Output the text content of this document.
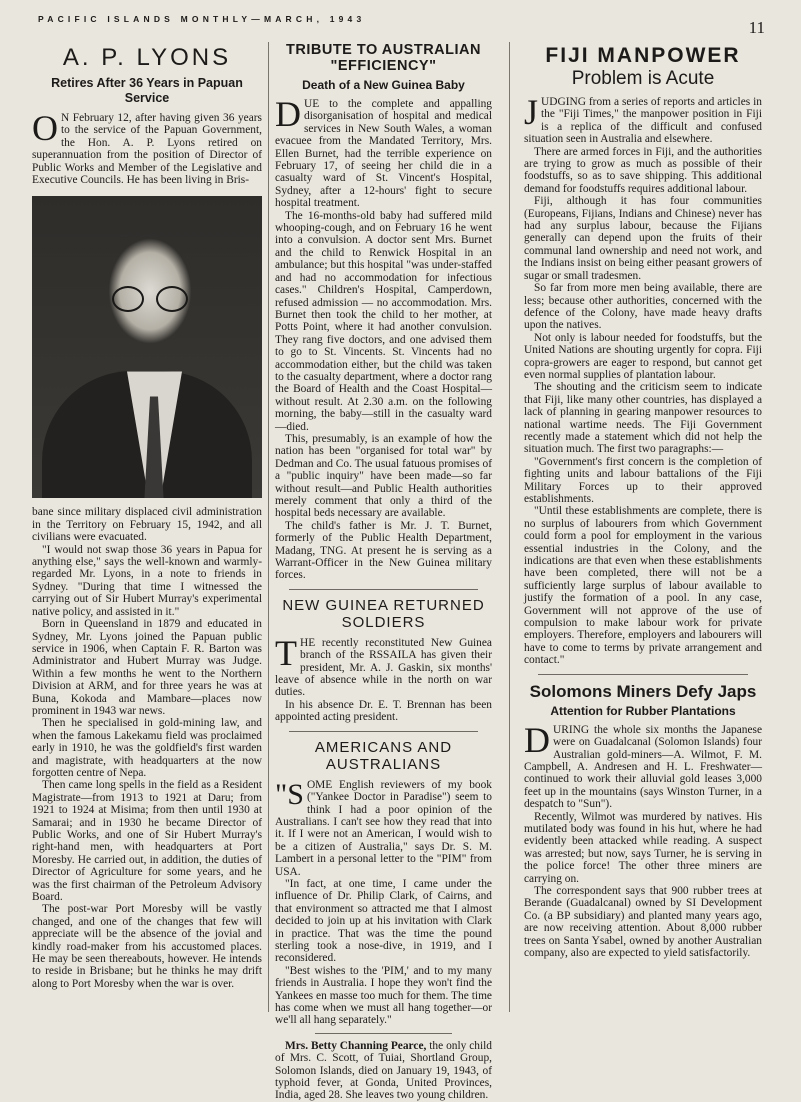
PACIFIC ISLANDS MONTHLY—MARCH, 1943	11
A. P. LYONS
Retires After 36 Years in Papuan Service

O N February 12, after having given 36 years to the service of the Papuan Government, the Hon. A. P. Lyons retired on superannuation from the position of Director of Public Works and Member of the Legislative and Executive Councils. He has been living in Bris-

bane since military displaced civil administration in the Territory on February 15, 1942, and all civilians were evacuated.

"I would not swap those 36 years in Papua for anything else," says the well-known and warmly-regarded Mr. Lyons, in a note to friends in Sydney. "During that time I witnessed the carrying out of Sir Hubert Murray's experimental native policy, and assisted in it."

Born in Queensland in 1879 and educated in Sydney, Mr. Lyons joined the Papuan public service in 1906, when Captain F. R. Barton was Administrator and Hubert Murray was Judge. Within a few months he went to the Northern Division at ARM, and for three years he was at Buna, Kokoda and Mambare—places now prominent in 1943 war news.

Then he specialised in gold-mining law, and when the famous Lakekamu field was proclaimed early in 1910, he was the goldfield's first warden and magistrate, with headquarters at the now forgotten centre of Nepa.

Then came long spells in the field as a Resident Magistrate—from 1913 to 1921 at Daru; from 1921 to 1924 at Misima; from then until 1930 at Samarai; and in 1930 he became Director of Public Works, and one of Sir Hubert Murray's right-hand men, with headquarters at Port Moresby. He carried out, in addition, the duties of Director of Agriculture for some years, and he was the first chairman of the Petroleum Advisory Board.

The post-war Port Moresby will be vastly changed, and one of the changes that few will appreciate will be the absence of the jovial and kindly road-maker from his accustomed places. He may be seen thereabouts, however. He intends to reside in Brisbane; but he thinks he may drift along to Port Moresby when the war is over.

TRIBUTE TO AUSTRALIAN "EFFICIENCY"
Death of a New Guinea Baby

DUE to the complete and appalling disorganisation of hospital and medical services in New South Wales, a woman evacuee from the Mandated Territory, Mrs. Ellen Burnet, had the terrible experience on February 17, of seeing her child die in a casualty ward of St. Vincent's Hospital, Sydney, after a 12-hours' fight to secure hospital treatment.

The 16-months-old baby had suffered mild whooping-cough, and on February 16 he went into a convulsion. A doctor sent Mrs. Burnet and the child to Renwick Hospital in an ambulance; but this hospital "was under-staffed and had no accommodation for infectious cases." Children's Hospital, Camperdown, refused admission — no accommodation. Mrs. Burnet then took the child to her mother, at Potts Point, where it had another convulsion. They rang five doctors, and one advised them to go to St. Vincents. St. Vincents had no accommodation either, but the child was taken to the casualty department, where a doctor rang the Board of Health and the Coast Hospital—without result. At 2.30 a.m. on the following morning, the baby—still in the casualty ward—died.

This, presumably, is an example of how the nation has been "organised for total war" by Dedman and Co. The usual fatuous promises of a "public inquiry" have been made—so far without result—and Public Health authorities merely comment that only a third of the hospital beds necessary are available.

The child's father is Mr. J. T. Burnet, formerly of the Public Health Department, Madang, TNG. At present he is serving as a Warrant-Officer in the New Guinea military forces.

NEW GUINEA RETURNED SOLDIERS

THE recently reconstituted New Guinea branch of the RSSAILA has given their president, Mr. A. J. Gaskin, six months' leave of absence while in the north on war duties.

In his absence Dr. E. T. Brennan has been appointed acting president.

AMERICANS AND AUSTRALIANS

"SOME English reviewers of my book ("Yankee Doctor in Paradise") seem to think I had a poor opinion of the Australians. I can't see how they read that into it. If I were not an American, I would wish to be a citizen of Australia," says Dr. S. M. Lambert in a personal letter to the "PIM" from USA.

"In fact, at one time, I came under the influence of Dr. Philip Clark, of Cairns, and that environment so attracted me that I almost decided to join up at his invitation with Clark in practice. That was the time the pound sterling took a nose-dive, in 1919, and I reconsidered.

"Best wishes to the 'PIM,' and to my many friends in Australia. I hope they won't find the Yankees en masse too much for them. The time has come when we must all hang together—or we'll all hang separately."

Mrs. Betty Channing Pearce, the only child of Mrs. C. Scott, of Tuiai, Shortland Group, Solomon Islands, died on January 19, 1943, of typhoid fever, at Gonda, United Provinces, India, aged 28. She leaves two young children.

FIJI MANPOWER
Problem is Acute

JUDGING from a series of reports and articles in the "Fiji Times," the manpower position in Fiji is a replica of the difficult and confused situation seen in Australia and elsewhere.

There are armed forces in Fiji, and the authorities are trying to grow as much as possible of their foodstuffs, so as to save shipping. This additional demand for foodstuffs requires additional labour.

Fiji, although it has four communities (Europeans, Fijians, Indians and Chinese) never has had any surplus labour, because the Fijians generally can depend upon the fruits of their communal land ownership and need not work, and the Indians insist on being either peasant growers of sugar or small tradesmen.

So far from more men being available, there are less; because other authorities, concerned with the defence of the Colony, have made heavy drafts upon the natives.

Not only is labour needed for foodstuffs, but the United Nations are shouting urgently for copra. Fiji copra-growers are eager to respond, but cannot get even normal supplies of plantation labour.

The shouting and the criticism seem to indicate that Fiji, like many other countries, has displayed a lack of planning in gearing manpower resources to national wartime needs. The Fiji Government recently made a statement which did not help the situation much. The first two paragraphs:—

"Government's first concern is the completion of fighting units and labour battalions of the Fiji Military Forces up to their approved establishments.

"Until these establishments are complete, there is no surplus of labourers from which Government could form a pool for employment in the various essential industries in the Colony, and the indications are that even when these establishments have been completed, there will not be a sufficiently large surplus of labour available to justify the formation of a pool. In any case, Government will not approve of the use of compulsion to make labour work for private employers. Therefore, employers and labourers will have to come to terms by private arrangement and contact."

Solomons Miners Defy Japs
Attention for Rubber Plantations

DURING the whole six months the Japanese were on Guadalcanal (Solomon Islands) four Australian gold-miners—A. Wilmot, F. M. Campbell, A. Andresen and H. L. Freshwater—continued to work their alluvial gold leases 3,000 feet up in the mountains (says Winston Turner, in a despatch to "Sun").

Recently, Wilmot was murdered by natives. His mutilated body was found in his hut, where he had evidently been attacked while reading. A suspect was arrested; but now, says Turner, he is serving in the police force! The other three miners are carrying on.

The correspondent says that 900 rubber trees at Berande (Guadalcanal) owned by SI Development Co. (a BP subsidiary) and planted many years ago, are now receiving attention. About 8,000 rubber trees on Santa Ysabel, owned by another Australian company, also are expected to yield satisfactorily.
